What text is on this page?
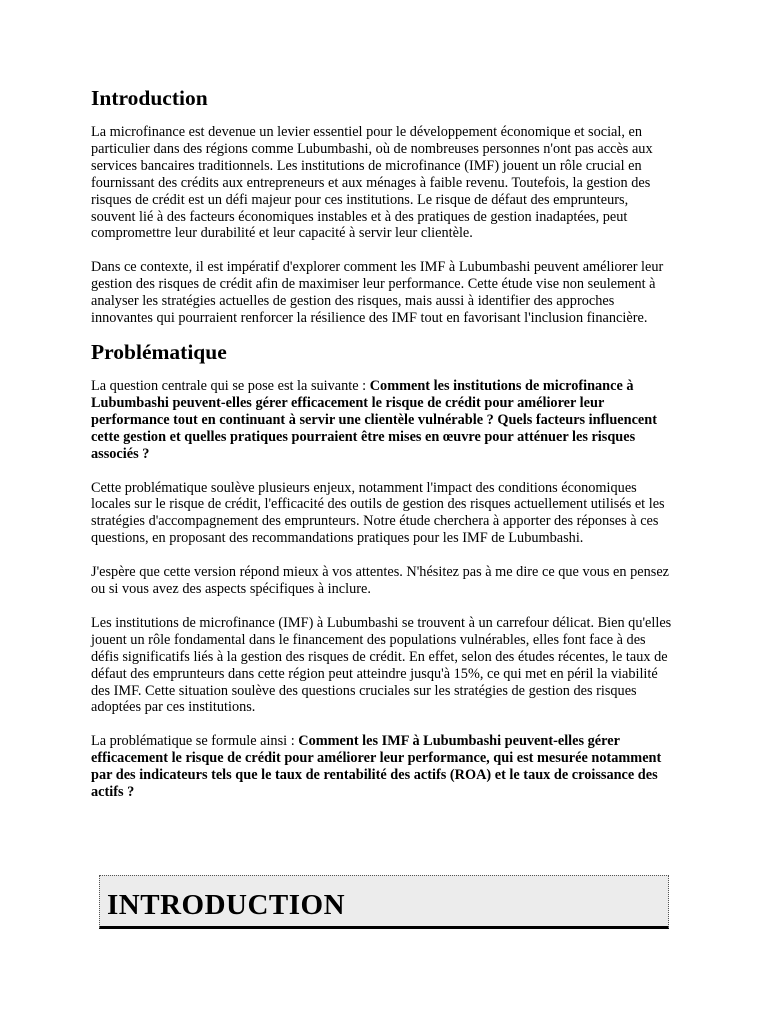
Introduction

La microfinance est devenue un levier essentiel pour le développement économique et social, en particulier dans des régions comme Lubumbashi, où de nombreuses personnes n'ont pas accès aux services bancaires traditionnels. Les institutions de microfinance (IMF) jouent un rôle crucial en fournissant des crédits aux entrepreneurs et aux ménages à faible revenu. Toutefois, la gestion des risques de crédit est un défi majeur pour ces institutions. Le risque de défaut des emprunteurs, souvent lié à des facteurs économiques instables et à des pratiques de gestion inadaptées, peut compromettre leur durabilité et leur capacité à servir leur clientèle.

Dans ce contexte, il est impératif d'explorer comment les IMF à Lubumbashi peuvent améliorer leur gestion des risques de crédit afin de maximiser leur performance. Cette étude vise non seulement à analyser les stratégies actuelles de gestion des risques, mais aussi à identifier des approches innovantes qui pourraient renforcer la résilience des IMF tout en favorisant l'inclusion financière.

Problématique

La question centrale qui se pose est la suivante : Comment les institutions de microfinance à Lubumbashi peuvent-elles gérer efficacement le risque de crédit pour améliorer leur performance tout en continuant à servir une clientèle vulnérable ? Quels facteurs influencent cette gestion et quelles pratiques pourraient être mises en œuvre pour atténuer les risques associés ?

Cette problématique soulève plusieurs enjeux, notamment l'impact des conditions économiques locales sur le risque de crédit, l'efficacité des outils de gestion des risques actuellement utilisés et les stratégies d'accompagnement des emprunteurs. Notre étude cherchera à apporter des réponses à ces questions, en proposant des recommandations pratiques pour les IMF de Lubumbashi.

J'espère que cette version répond mieux à vos attentes. N'hésitez pas à me dire ce que vous en pensez ou si vous avez des aspects spécifiques à inclure.

Les institutions de microfinance (IMF) à Lubumbashi se trouvent à un carrefour délicat. Bien qu'elles jouent un rôle fondamental dans le financement des populations vulnérables, elles font face à des défis significatifs liés à la gestion des risques de crédit. En effet, selon des études récentes, le taux de défaut des emprunteurs dans cette région peut atteindre jusqu'à 15%, ce qui met en péril la viabilité des IMF. Cette situation soulève des questions cruciales sur les stratégies de gestion des risques adoptées par ces institutions.

La problématique se formule ainsi : Comment les IMF à Lubumbashi peuvent-elles gérer efficacement le risque de crédit pour améliorer leur performance, qui est mesurée notamment par des indicateurs tels que le taux de rentabilité des actifs (ROA) et le taux de croissance des actifs ?

INTRODUCTION
